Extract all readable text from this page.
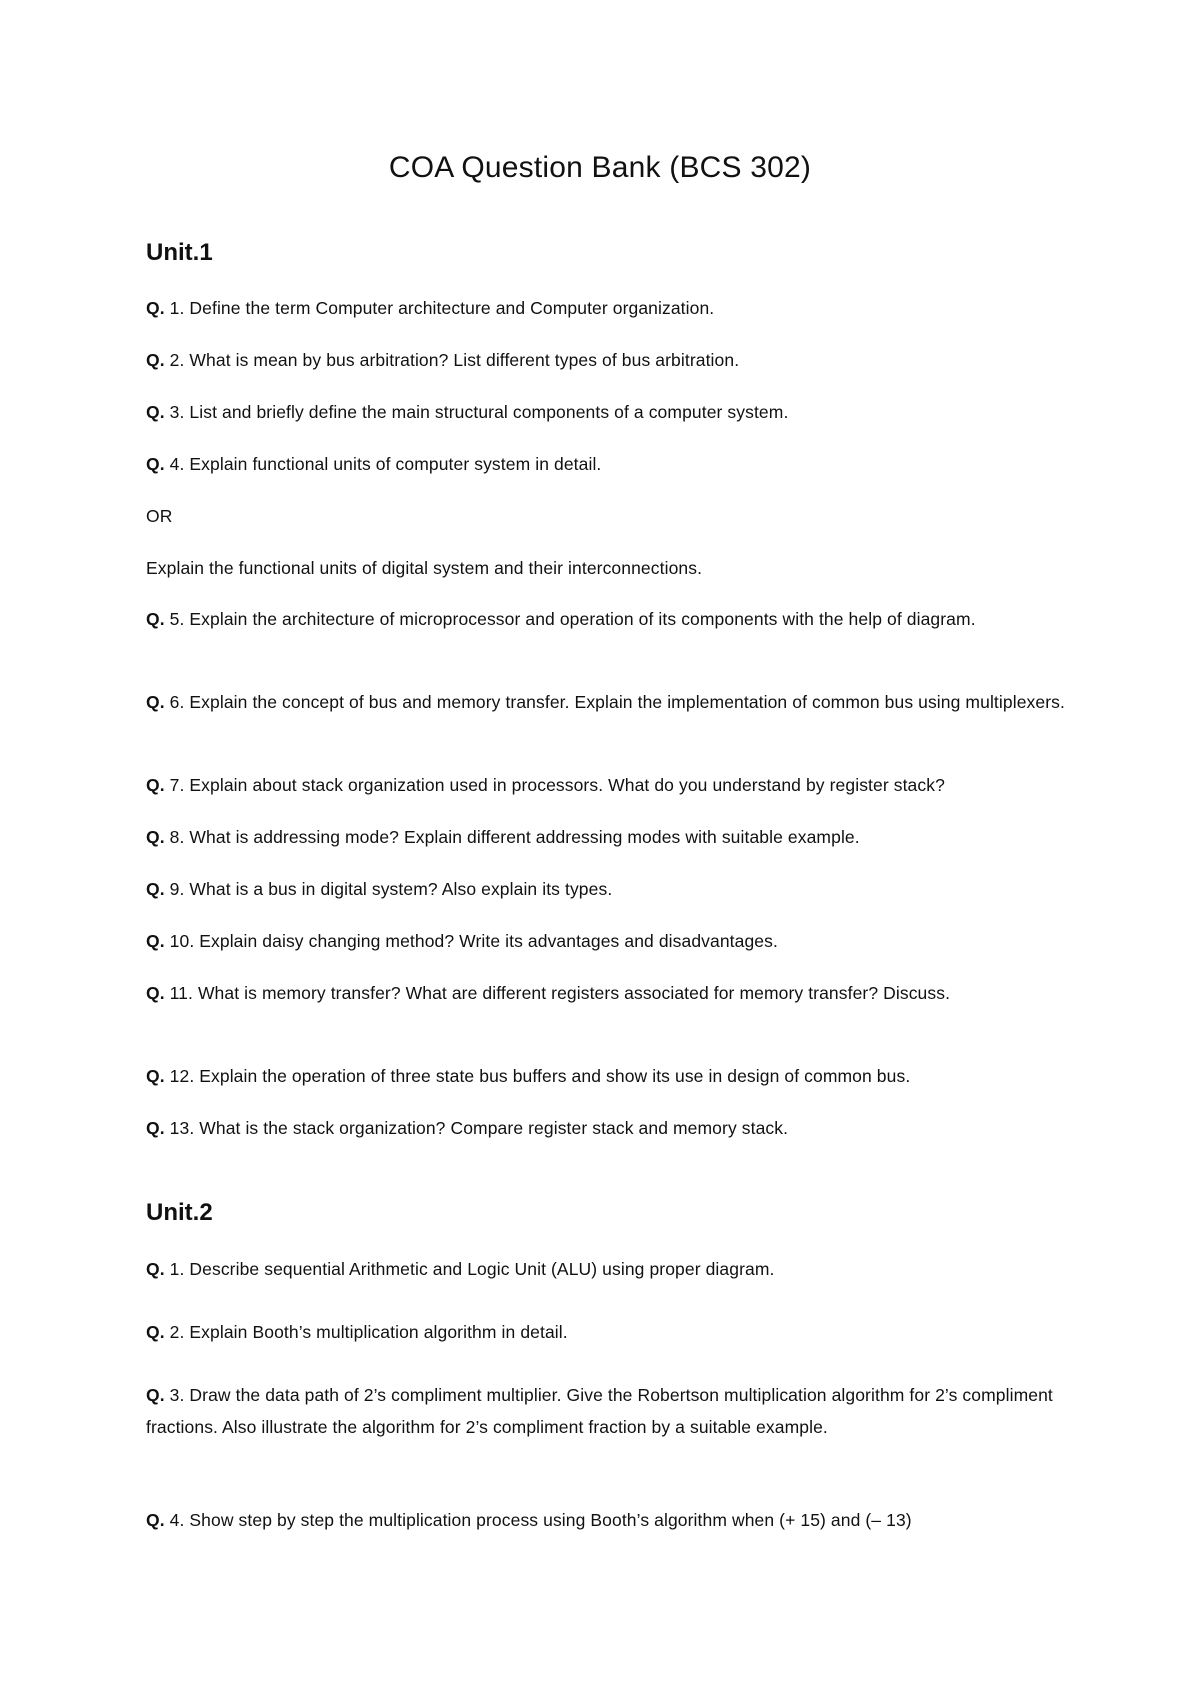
COA Question Bank (BCS 302)
Unit.1

Q. 1. Define the term Computer architecture and Computer organization.

Q. 2. What is mean by bus arbitration? List different types of bus arbitration.

Q. 3. List and briefly define the main structural components of a computer system.

Q. 4. Explain functional units of computer system in detail.

OR

Explain the functional units of digital system and their interconnections.

Q. 5. Explain the architecture of microprocessor and operation of its components with the help of diagram.

Q. 6. Explain the concept of bus and memory transfer. Explain the implementation of common bus using multiplexers.

Q. 7. Explain about stack organization used in processors. What do you understand by register stack?

Q. 8. What is addressing mode? Explain different addressing modes with suitable example.

Q. 9. What is a bus in digital system? Also explain its types.

Q. 10. Explain daisy changing method? Write its advantages and disadvantages.

Q. 11. What is memory transfer? What are different registers associated for memory transfer? Discuss.

Q. 12. Explain the operation of three state bus buffers and show its use in design of common bus.

Q. 13. What is the stack organization? Compare register stack and memory stack.

Unit.2

Q. 1. Describe sequential Arithmetic and Logic Unit (ALU) using proper diagram.

Q. 2. Explain Booth’s multiplication algorithm in detail.

Q. 3. Draw the data path of 2’s compliment multiplier. Give the Robertson multiplication algorithm for 2’s compliment fractions. Also illustrate the algorithm for 2’s compliment fraction by a suitable example.

Q. 4. Show step by step the multiplication process using Booth’s algorithm when (+ 15) and (– 13)
